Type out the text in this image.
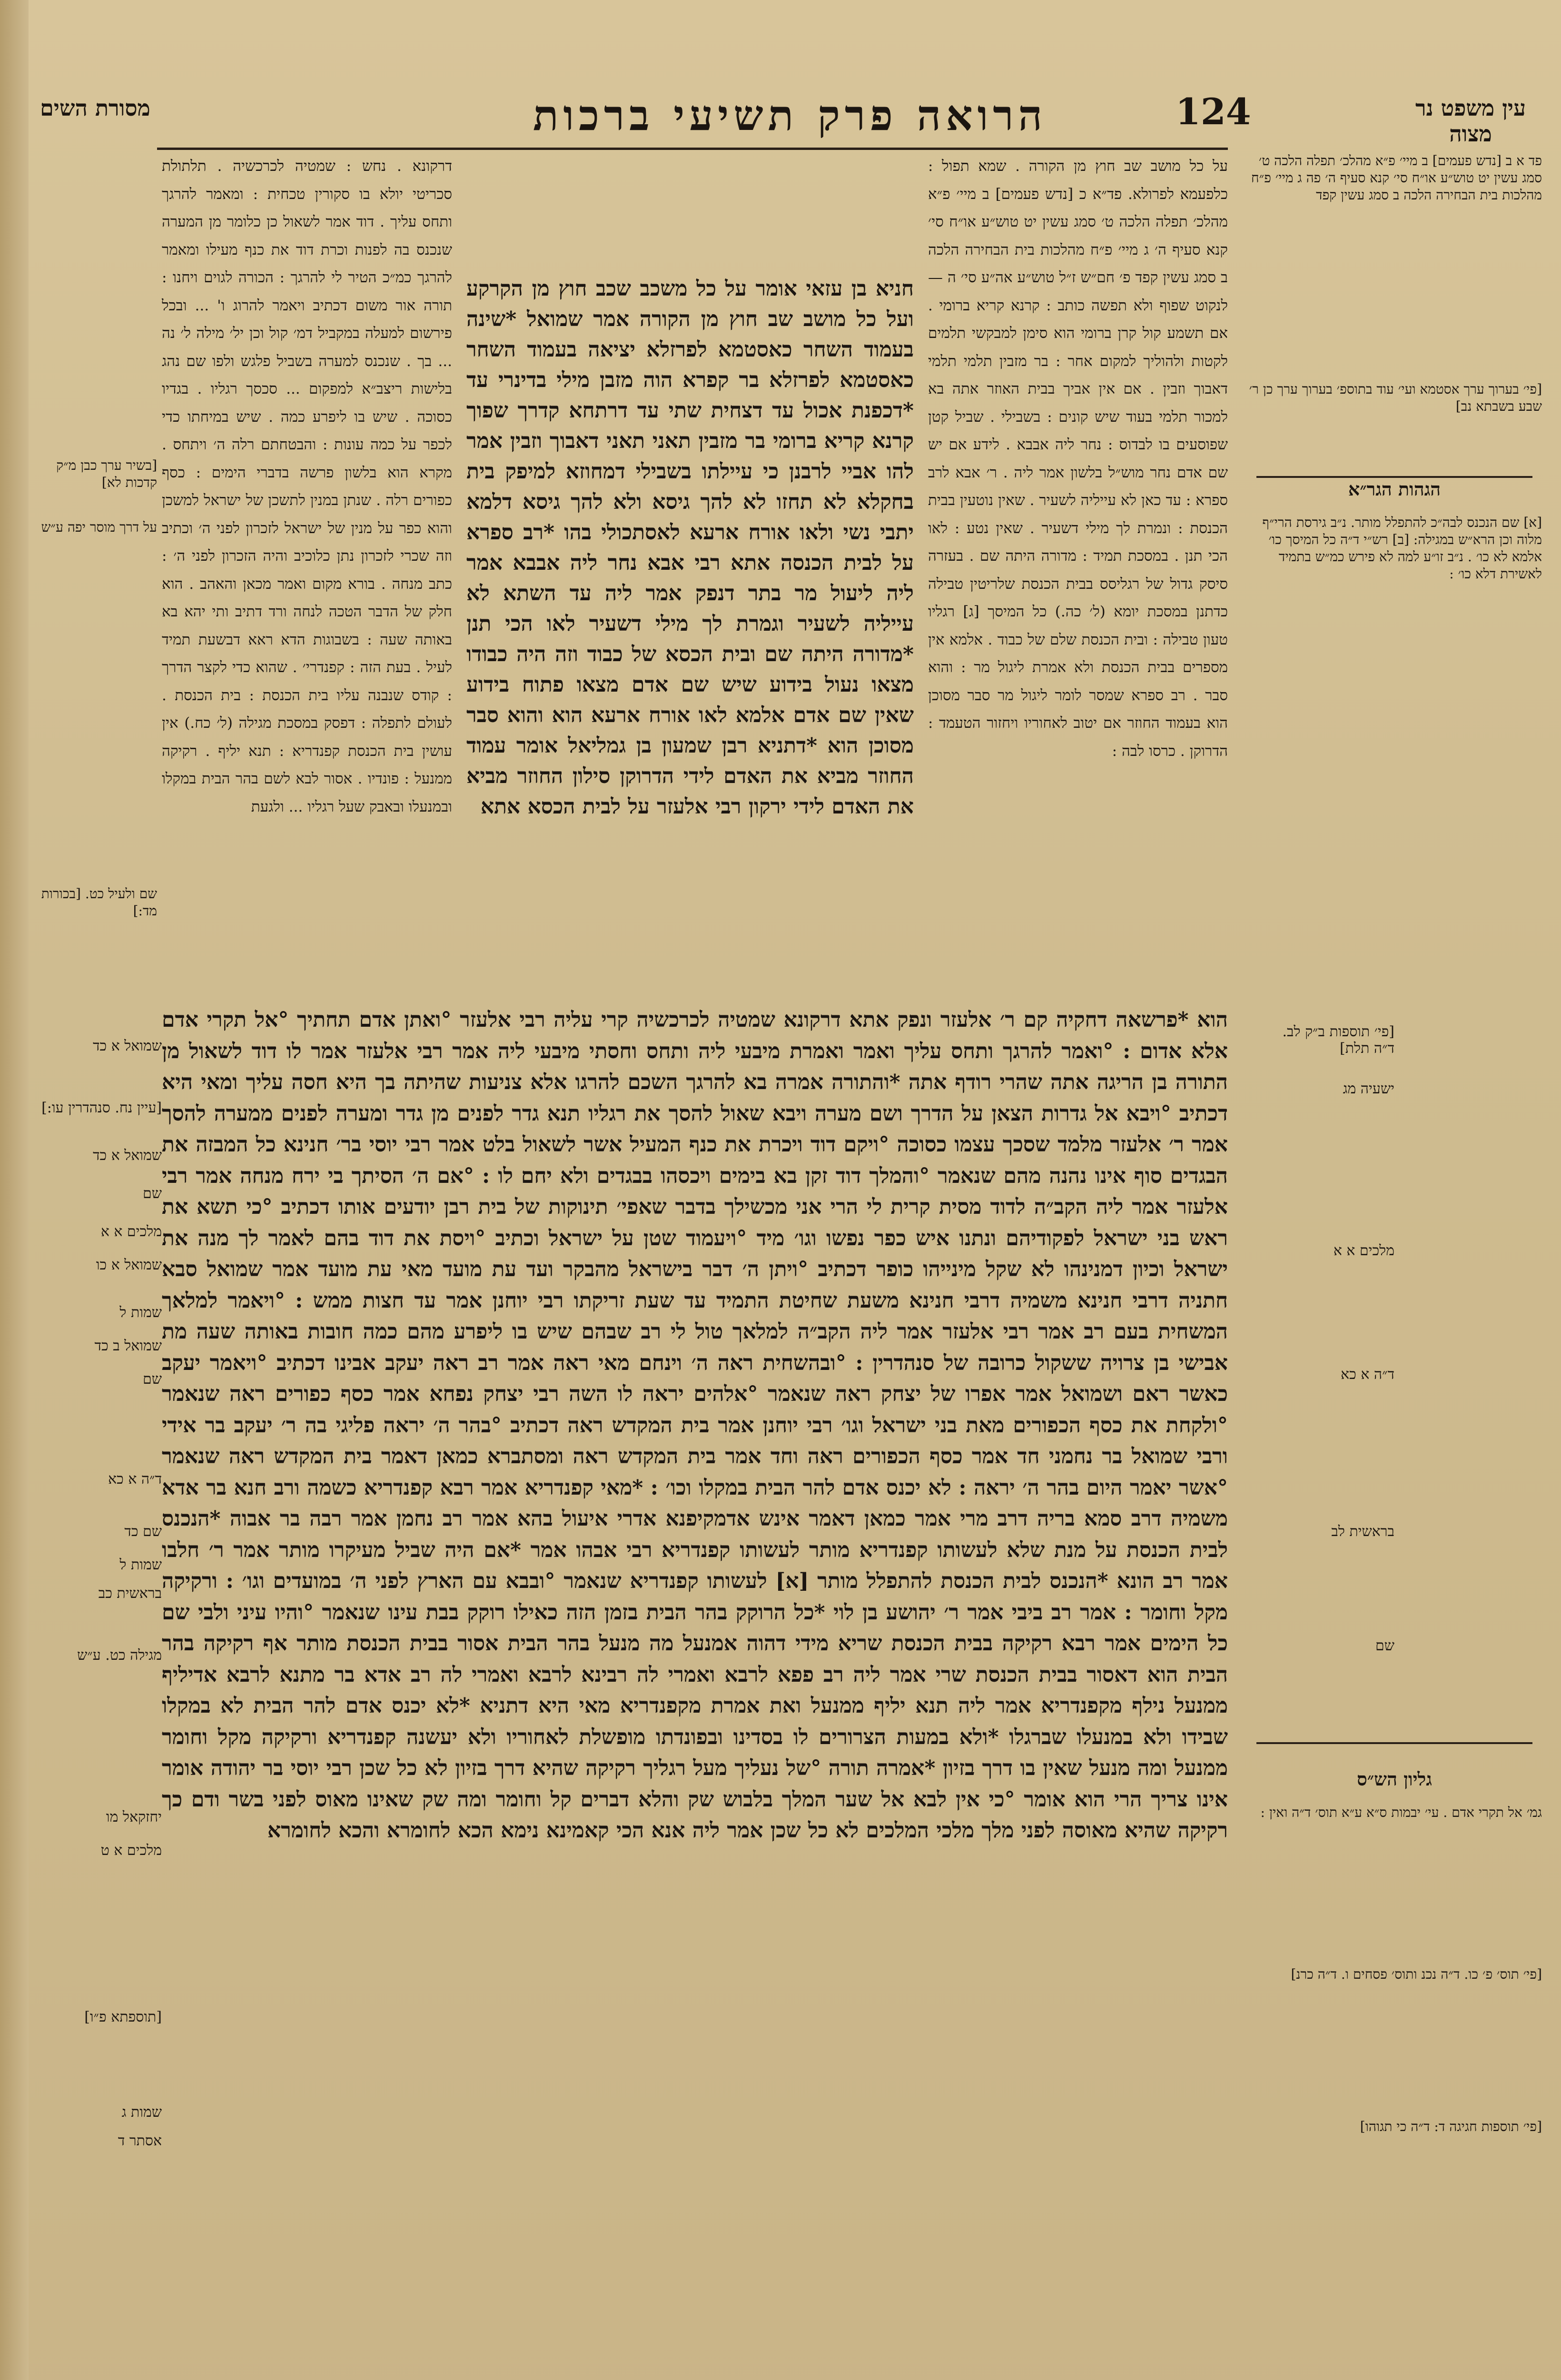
מסורת השים	הרואה פרק תשיעי ברכות	124	עין משפט נר מצוה
על כל מושב שב חוץ מן הקורה . שמא תפול : כלפעמא לפרולא. פד״א כ [נדש פעמים] ב מיי׳ פ״א מהלכ׳ תפלה הלכה ט׳ סמג עשין יט טוש״ע או״ח סי׳ קנא סעיף ה׳ ג מיי׳ פ״ח מהלכות בית הבחירה הלכה ב סמג עשין קפד פ׳ חם״ש ז״ל טוש״ע אה״ע סי׳ ה — לנקוט שפוף ולא תפשה כותב : קרנא קריא ברומי . אם תשמע קול קרן ברומי הוא סימן למבקשי תלמים לקטות ולהוליך למקום אחר : בר מזבין תלמי תלמי דאבוך וזבין . אם אין אביך בבית האוזר אתה בא למכור תלמי בעוד שיש קונים : בשבילי . שביל קטן שפוסעים בו לבדוס : נחר ליה אבבא . לידע אם יש שם אדם נחר מוש״ל בלשון אמר ליה . ר׳ אבא לרב ספרא : עד כאן לא עייליה לשעיר . שאין נוטעין בבית הכנסת : ונמרת לך מילי דשעיר . שאין נטע : לאו הכי תנן . במסכת תמיד : מדורה היתה שם . בעזרה סיסק גדול של רגליסס בבית הכנסת שלריטין טבילה כדתנן במסכת יומא (ל׳ כה.) כל המיסך [ג] רגליו טעון טבילה : ובית הכנסת שלם של כבוד . אלמא אין מספרים בבית הכנסת ולא אמרת ליגול מר : והוא סבר . רב ספרא שמסר לומר ליגול מר סבר מסוכן הוא בעמוד החוזר אם יטוב לאחוריו ויחזור הטעמד : הדרוקן . כרסו לבה :
חניא בן עזאי אומר על כל משכב שכב חוץ מן הקרקע ועל כל מושב שב חוץ מן הקורה אמר שמואל *שינה בעמוד השחר כאסטמא לפרזלא יציאה בעמוד השחר כאסטמא לפרזלא בר קפרא הוה מזבן מילי בדינרי עד *דכפנת אכול עד דצחית שתי עד דרתחא קדרך שפוך קרנא קריא ברומי בר מזבין תאני תאני דאבוך וזבין אמר להו אביי לרבנן כי עיילתו בשבילי דמחוזא למיפק בית בחקלא לא תחזו לא להך גיסא ולא להך גיסא דלמא יתבי נשי ולאו אורח ארעא לאסתכולי בהו *רב ספרא על לבית הכנסה אתא רבי אבא נחר ליה אבבא אמר ליה ליעול מר בתר דנפק אמר ליה עד השתא לא עייליה לשעיר וגמרת לך מילי דשעיר לאו הכי תנן *מדורה היתה שם ובית הכסא של כבוד וזה היה כבודו מצאו נעול בידוע שיש שם אדם מצאו פתוח בידוע שאין שם אדם אלמא לאו אורח ארעא הוא והוא סבר מסוכן הוא *דתניא רבן שמעון בן גמליאל אומר עמוד החוזר מביא את האדם לידי הדרוקן סילון החוזר מביא את האדם לידי ירקון רבי אלעזר על לבית הכסא אתא
דרקונא . נחש : שמטיה לכרכשיה . תלתולת סכריטי יולא בו סקורין טכחית : ומאמר להרגך ותחס עליך . דוד אמר לשאול כן כלומר מן המערה שנכנס בה לפנות וכרת דוד את כנף מעילו ומאמר להרגך כמ״כ הטיר לי להרגך : הכורה לגוים ויחנו : תורה אור משום דכתיב ויאמר להרוג ו' ... ובכל פירשום למעלה במקביל דמ׳ קול וכן יל׳ מילה ל׳ נה ... בך . שנכנס למערה בשביל פלגש ולפו שם נהג בלישות ריצב״א למפקום ... סכסך רגליו . בגדיו כסוכה . שיש בו ליפרע כמה . שיש במיחתו כדי לכפר על כמה עונות : והבטחתם רלה ה׳ ויתחס . מקרא הוא בלשון פרשה בדברי הימים : כסף כפורים רלה . שנתן במנין לתשכן של ישראל למשכן והוא כפר על מנין של ישראל לזכרון לפני ה׳ וכתיב וזה שכרי לזכרון נתן כלוכיב והיה הזכרון לפני ה׳ : כתב מנחה . בורא מקום ואמר מכאן והאהב . הוא חלק של הדבר הטכה לנחה ורד דתיב ותי יהא בא באותה שעה : בשבוגות הדא ראא דבשעת תמיד לעיל . בעת הזה : קפנדרי׳ . שהוא כדי לקצר הדרך : קודס שנבנה עליו בית הכנסת : בית הכנסת . לעולם לתפלה : דפסק במסכת מגילה (ל׳ כח.) אין עושין בית הכנסת קפנדריא : תנא יליף . רקיקה ממנעל : פונדיו . אסור לבא לשם בהר הבית במקלו ובמנעלו ובאבק שעל רגליו ... ולגעת
הוא *פרשאה דחקיה קם ר׳ אלעזר ונפק אתא דרקונא שמטיה לכרכשיה קרי עליה רבי אלעזר °ואתן אדם תחתיך °אל תקרי אדם אלא אדום : °ואמר להרגך ותחס עליך ואמר ואמרת מיבעי ליה ותחס וחסתי מיבעי ליה אמר רבי אלעזר אמר לו דוד לשאול מן התורה בן הריגה אתה שהרי רודף אתה *והתורה אמרה בא להרגך השכם להרגו אלא צניעות שהיתה בך היא חסה עליך ומאי היא דכתיב °ויבא אל גדרות הצאן על הדרך ושם מערה ויבא שאול להסך את רגליו תנא גדר לפנים מן גדר ומערה לפנים ממערה להסך אמר ר׳ אלעזר מלמד שסכך עצמו כסוכה °ויקם דוד ויכרת את כנף המעיל אשר לשאול בלט אמר רבי יוסי בר׳ חנינא כל המבזה את הבגדים סוף אינו נהנה מהם שנאמר °והמלך דוד זקן בא בימים ויכסהו בבגדים ולא יחם לו : °אם ה׳ הסיתך בי ירח מנחה אמר רבי אלעזר אמר ליה הקב״ה לדוד מסית קרית לי הרי אני מכשילך בדבר שאפי׳ תינוקות של בית רבן יודעים אותו דכתיב °כי תשא את ראש בני ישראל לפקודיהם ונתנו איש כפר נפשו וגו׳ מיד °ויעמוד שטן על ישראל וכתיב °ויסת את דוד בהם לאמר לך מנה את ישראל וכיון דמנינהו לא שקל מינייהו כופר דכתיב °ויתן ה׳ דבר בישראל מהבקר ועד עת מועד מאי עת מועד אמר שמואל סבא חתניה דרבי חנינא משמיה דרבי חנינא משעת שחיטת התמיד עד שעת זריקתו רבי יוחנן אמר עד חצות ממש : °ויאמר למלאך המשחית בעם רב אמר רבי אלעזר אמר ליה הקב״ה למלאך טול לי רב שבהם שיש בו ליפרע מהם כמה חובות באותה שעה מת אבישי בן צרויה ששקול כרובה של סנהדרין : °ובהשחית ראה ה׳ וינחם מאי ראה אמר רב ראה יעקב אבינו דכתיב °ויאמר יעקב כאשר ראם ושמואל אמר אפרו של יצחק ראה שנאמר °אלהים יראה לו השה רבי יצחק נפחא אמר כסף כפורים ראה שנאמר °ולקחת את כסף הכפורים מאת בני ישראל וגו׳ רבי יוחנן אמר בית המקדש ראה דכתיב °בהר ה׳ יראה פליגי בה ר׳ יעקב בר אידי ורבי שמואל בר נחמני חד אמר כסף הכפורים ראה וחד אמר בית המקדש ראה ומסתברא כמאן דאמר בית המקדש ראה שנאמר °אשר יאמר היום בהר ה׳ יראה : לא יכנס אדם להר הבית במקלו וכו׳ : *מאי קפנדריא אמר רבא קפנדריא כשמה ורב חנא בר אדא משמיה דרב סמא בריה דרב מרי אמר כמאן דאמר אינש אדמקיפנא אדרי איעול בהא אמר רב נחמן אמר רבה בר אבוה *הנכנס לבית הכנסת על מנת שלא לעשותו קפנדריא מותר לעשותו קפנדריא רבי אבהו אמר *אם היה שביל מעיקרו מותר אמר ר׳ חלבו אמר רב הונא *הנכנס לבית הכנסת להתפלל מותר [א] לעשותו קפנדריא שנאמר °ובבא עם הארץ לפני ה׳ במועדים וגו׳ : ורקיקה מקל וחומר : אמר רב ביבי אמר ר׳ יהושע בן לוי *כל הרוקק בהר הבית בזמן הזה כאילו רוקק בבת עינו שנאמר °והיו עיני ולבי שם כל הימים אמר רבא רקיקה בבית הכנסת שריא מידי דהוה אמנעל מה מנעל בהר הבית אסור בבית הכנסת מותר אף רקיקה בהר הבית הוא דאסור בבית הכנסת שרי אמר ליה רב פפא לרבא ואמרי לה רבינא לרבא ואמרי לה רב אדא בר מתנא לרבא אדיליף ממנעל נילף מקפנדריא אמר ליה תנא יליף ממנעל ואת אמרת מקפנדריא מאי היא דתניא *לא יכנס אדם להר הבית לא במקלו שבידו ולא במנעלו שברגלו *ולא במעות הצרורים לו בסדינו ובפונדתו מופשלת לאחוריו ולא יעשנה קפנדריא ורקיקה מקל וחומר ממנעל ומה מנעל שאין בו דרך בזיון *אמרה תורה °של נעליך מעל רגליך רקיקה שהיא דרך בזיון לא כל שכן רבי יוסי בר יהודה אומר אינו צריך הרי הוא אומר °כי אין לבא אל שער המלך בלבוש שק והלא דברים קל וחומר ומה שק שאינו מאוס לפני בשר ודם כך רקיקה שהיא מאוסה לפני מלך מלכי המלכים לא כל שכן אמר ליה אנא הכי קאמינא נימא הכא לחומרא והכא לחומרא
פד א ב [נדש פעמים] ב מיי׳ פ״א מהלכ׳ תפלה הלכה ט׳ סמג עשין יט טוש״ע או״ח סי׳ קנא סעיף ה׳ פה ג מיי׳ פ״ח מהלכות בית הבחירה הלכה ב סמג עשין קפד
[פי׳ בערוך ערך אסטמא ועי׳ עוד בתוספ׳ בערוך ערך כן ר׳ שבע בשבתא נב]
הגהות הגר״א
[א] שם הנכנס לבה״כ להתפלל מותר. נ״ב גירסת הרי״ף מלוה וכן הרא״ש במגילה: [ב] רש״י ד״ה כל המיסך כו׳ אלמא לא כו׳ . נ״ב זו״ע למה לא פירש כמ״ש בתמיד לאשירת דלא כו׳ :
גליון הש״ס
גמ׳ אל תקרי אדם . עי׳ יבמות ס״א ע״א תוס׳ ד״ה ואין :
[פי׳ תוס׳ פ׳ כו. ד״ה נכנ ותוס׳ פסחים ו. ד״ה כרנ]
[פי׳ תוספות חגיגה ד: ד״ה כי תגוהו]
[פי׳ תוספות ב״ק לב. ד״ה תלת]
ישעיה מג
מלכים א א
ד״ה א כא
בראשית לב
שם
[בשיר ערך כבן מ״ק קדכות לא]
על דרך מוסר יפה ע״ש
שם ולעיל כט. [בכורות מד:]
שמואל א כד
[עיין נח. סנהדרין עו:]
שמואל א כד
שם
מלכים א א
שמואל א כו
שמות ל
שמואל ב כד
שם
ד״ה א כא
שם כד
שמות ל
בראשית כב
מגילה כט. ע״ש
יחזקאל מו
מלכים א ט
[תוספתא פ״ו]
שמות ג
אסתר ד
